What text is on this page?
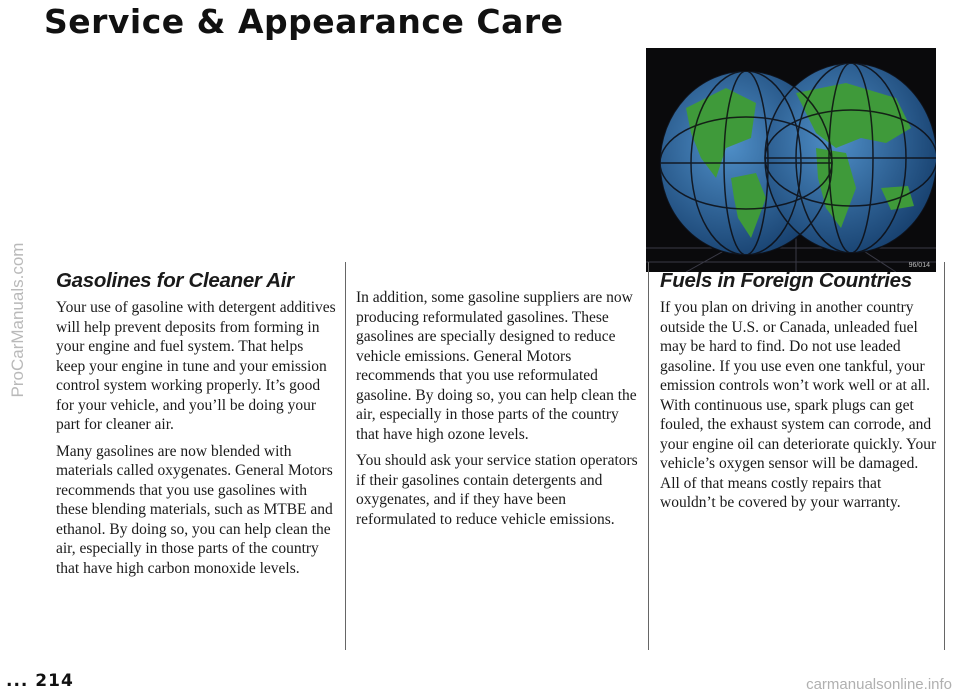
Service & Appearance Care
ProCarManuals.com	96/014
Gasolines for Cleaner Air

Your use of gasoline with detergent additives will help prevent deposits from forming in your engine and fuel system. That helps keep your engine in tune and your emission control system working properly. It’s good for your vehicle, and you’ll be doing your part for cleaner air.

Many gasolines are now blended with materials called oxygenates. General Motors recommends that you use gasolines with these blending materials, such as MTBE and ethanol. By doing so, you can help clean the air, especially in those parts of the country that have high carbon monoxide levels.

In addition, some gasoline suppliers are now producing reformulated gasolines. These gasolines are specially designed to reduce vehicle emissions. General Motors recommends that you use reformulated gasoline. By doing so, you can help clean the air, especially in those parts of the country that have high ozone levels.

You should ask your service station operators if their gasolines contain detergents and oxygenates, and if they have been reformulated to reduce vehicle emissions.

Fuels in Foreign Countries

If you plan on driving in another country outside the U.S. or Canada, unleaded fuel may be hard to find. Do not use leaded gasoline. If you use even one tankful, your emission controls won’t work well or at all. With continuous use, spark plugs can get fouled, the exhaust system can corrode, and your engine oil can deteriorate quickly. Your vehicle’s oxygen sensor will be damaged. All of that means costly repairs that wouldn’t be covered by your warranty.

... 214	carmanualsonline.info
